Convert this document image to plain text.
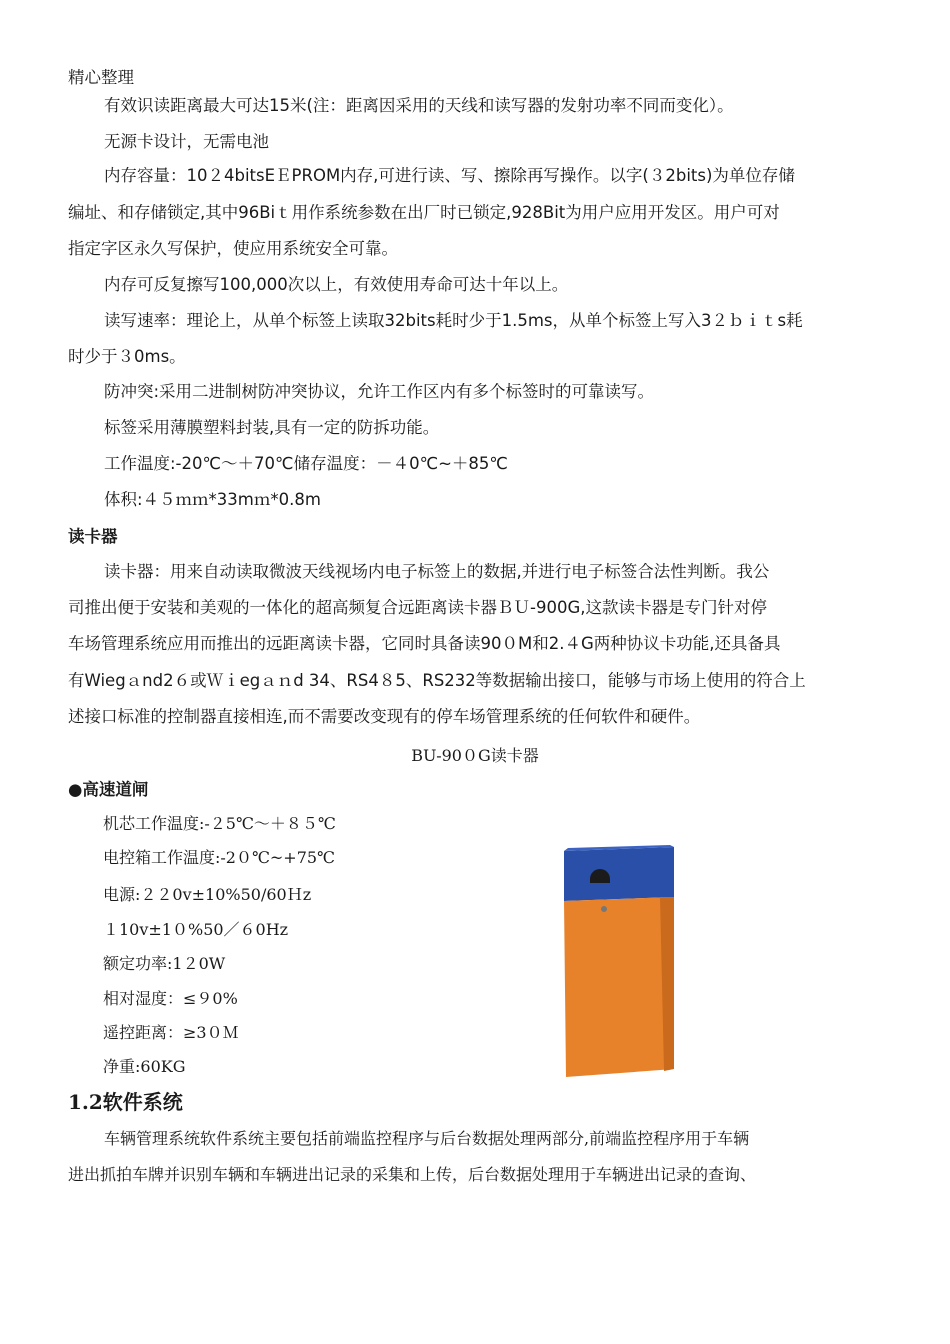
精心整理
有效识读距离最大可达15米(注：距离因采用的天线和读写器的发射功率不同而变化）。
无源卡设计，无需电池
内存容量：10２4bitsEＥPROM内存,可进行读、写、擦除再写操作。以字(３2bits)为单位存储
编址、和存储锁定,其中96Biｔ用作系统参数在出厂时已锁定,928Bit为用户应用开发区。用户可对
指定字区永久写保护，使应用系统安全可靠。
内存可反复擦写100,000次以上，有效使用寿命可达十年以上。
读写速率：理论上，从单个标签上读取32bits耗时少于1.5ms，从单个标签上写入3２ｂｉｔs耗
时少于３0ms。
防冲突:采用二进制树防冲突协议，允许工作区内有多个标签时的可靠读写。
标签采用薄膜塑料封装,具有一定的防拆功能。
工作温度:-20℃～＋70℃储存温度：－４0℃~＋85℃
体积:４５ｍｍ*33mｍ*0.8m
读卡器
读卡器：用来自动读取微波天线视场内电子标签上的数据,并进行电子标签合法性判断。我公
司推出便于安装和美观的一体化的超高频复合远距离读卡器ＢＵ-900G,这款读卡器是专门针对停
车场管理系统应用而推出的远距离读卡器，它同时具备读90０M和2.４G两种协议卡功能,还具备具
有Wiegａnd2６或Ｗｉegａｎd 34、RS4８5、RS232等数据输出接口，能够与市场上使用的符合上
述接口标准的控制器直接相连,而不需要改变现有的停车场管理系统的任何软件和硬件。
BU-90０G读卡器
●高速道闸
机芯工作温度:-２5℃～＋８５℃
电控箱工作温度:-2０℃~+75℃
电源:２２0v±10%50/60Ｈz
１10v±1０%50／６0Hz
额定功率:1２0W
相对湿度：≤９0%
遥控距离：≥3０Ｍ
净重:60KG
1.2软件系统
车辆管理系统软件系统主要包括前端监控程序与后台数据处理两部分,前端监控程序用于车辆
进出抓拍车牌并识别车辆和车辆进出记录的采集和上传，后台数据处理用于车辆进出记录的查询、
